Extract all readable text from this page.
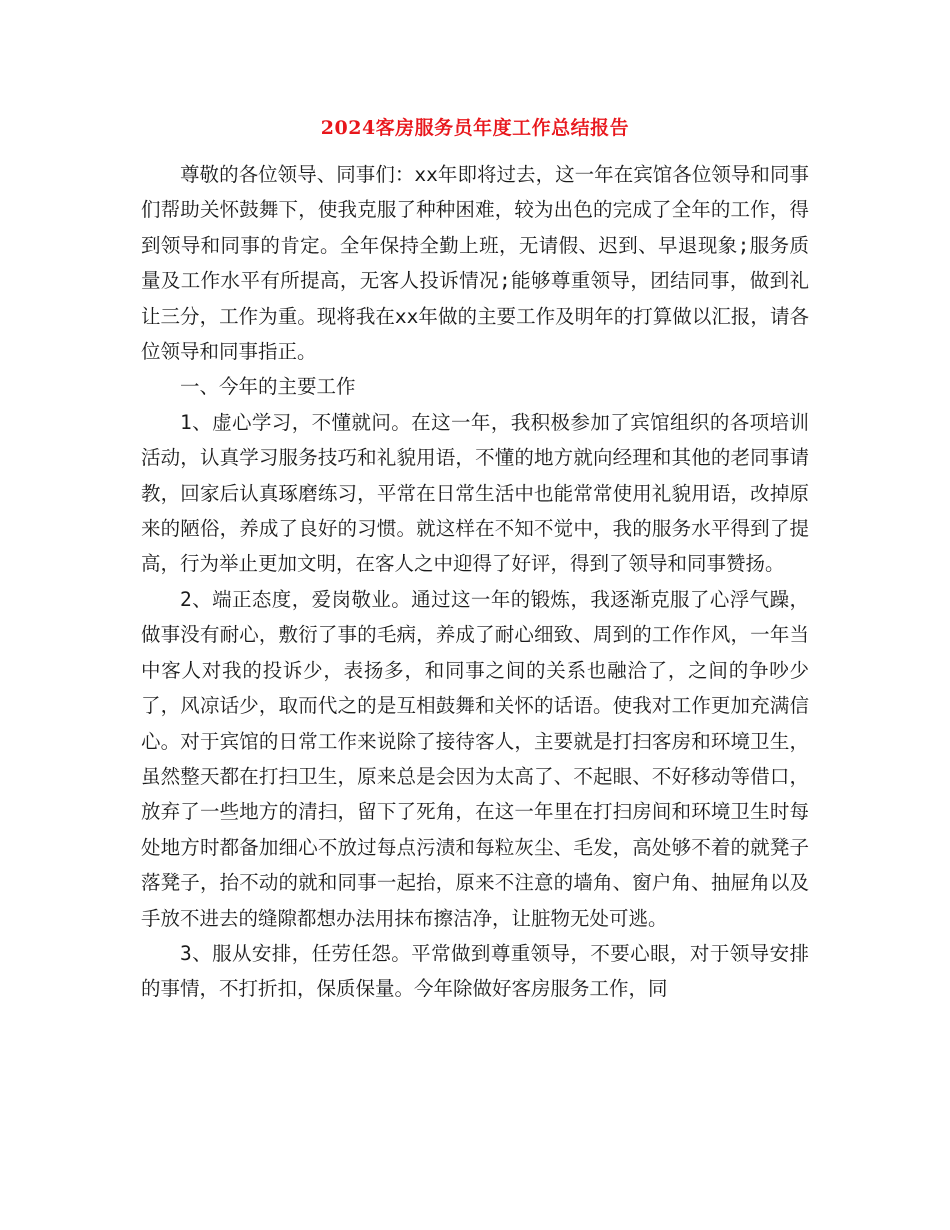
2024客房服务员年度工作总结报告

尊敬的各位领导、同事们：xx年即将过去，这一年在宾馆各位领导和同事们帮助关怀鼓舞下，使我克服了种种困难，较为出色的完成了全年的工作，得到领导和同事的肯定。全年保持全勤上班，无请假、迟到、早退现象;服务质量及工作水平有所提高，无客人投诉情况;能够尊重领导，团结同事，做到礼让三分，工作为重。现将我在xx年做的主要工作及明年的打算做以汇报，请各位领导和同事指正。

一、今年的主要工作

1、虚心学习，不懂就问。在这一年，我积极参加了宾馆组织的各项培训活动，认真学习服务技巧和礼貌用语，不懂的地方就向经理和其他的老同事请教，回家后认真琢磨练习，平常在日常生活中也能常常使用礼貌用语，改掉原来的陋俗，养成了良好的习惯。就这样在不知不觉中，我的服务水平得到了提高，行为举止更加文明，在客人之中迎得了好评，得到了领导和同事赞扬。

2、端正态度，爱岗敬业。通过这一年的锻炼，我逐渐克服了心浮气躁，做事没有耐心，敷衍了事的毛病，养成了耐心细致、周到的工作作风，一年当中客人对我的投诉少，表扬多，和同事之间的关系也融洽了，之间的争吵少了，风凉话少，取而代之的是互相鼓舞和关怀的话语。使我对工作更加充满信心。对于宾馆的日常工作来说除了接待客人，主要就是打扫客房和环境卫生，虽然整天都在打扫卫生，原来总是会因为太高了、不起眼、不好移动等借口，放弃了一些地方的清扫，留下了死角，在这一年里在打扫房间和环境卫生时每处地方时都备加细心不放过每点污渍和每粒灰尘、毛发，高处够不着的就凳子落凳子，抬不动的就和同事一起抬，原来不注意的墙角、窗户角、抽屉角以及手放不进去的缝隙都想办法用抹布擦洁净，让脏物无处可逃。

3、服从安排，任劳任怨。平常做到尊重领导，不要心眼，对于领导安排的事情，不打折扣，保质保量。今年除做好客房服务工作，同
